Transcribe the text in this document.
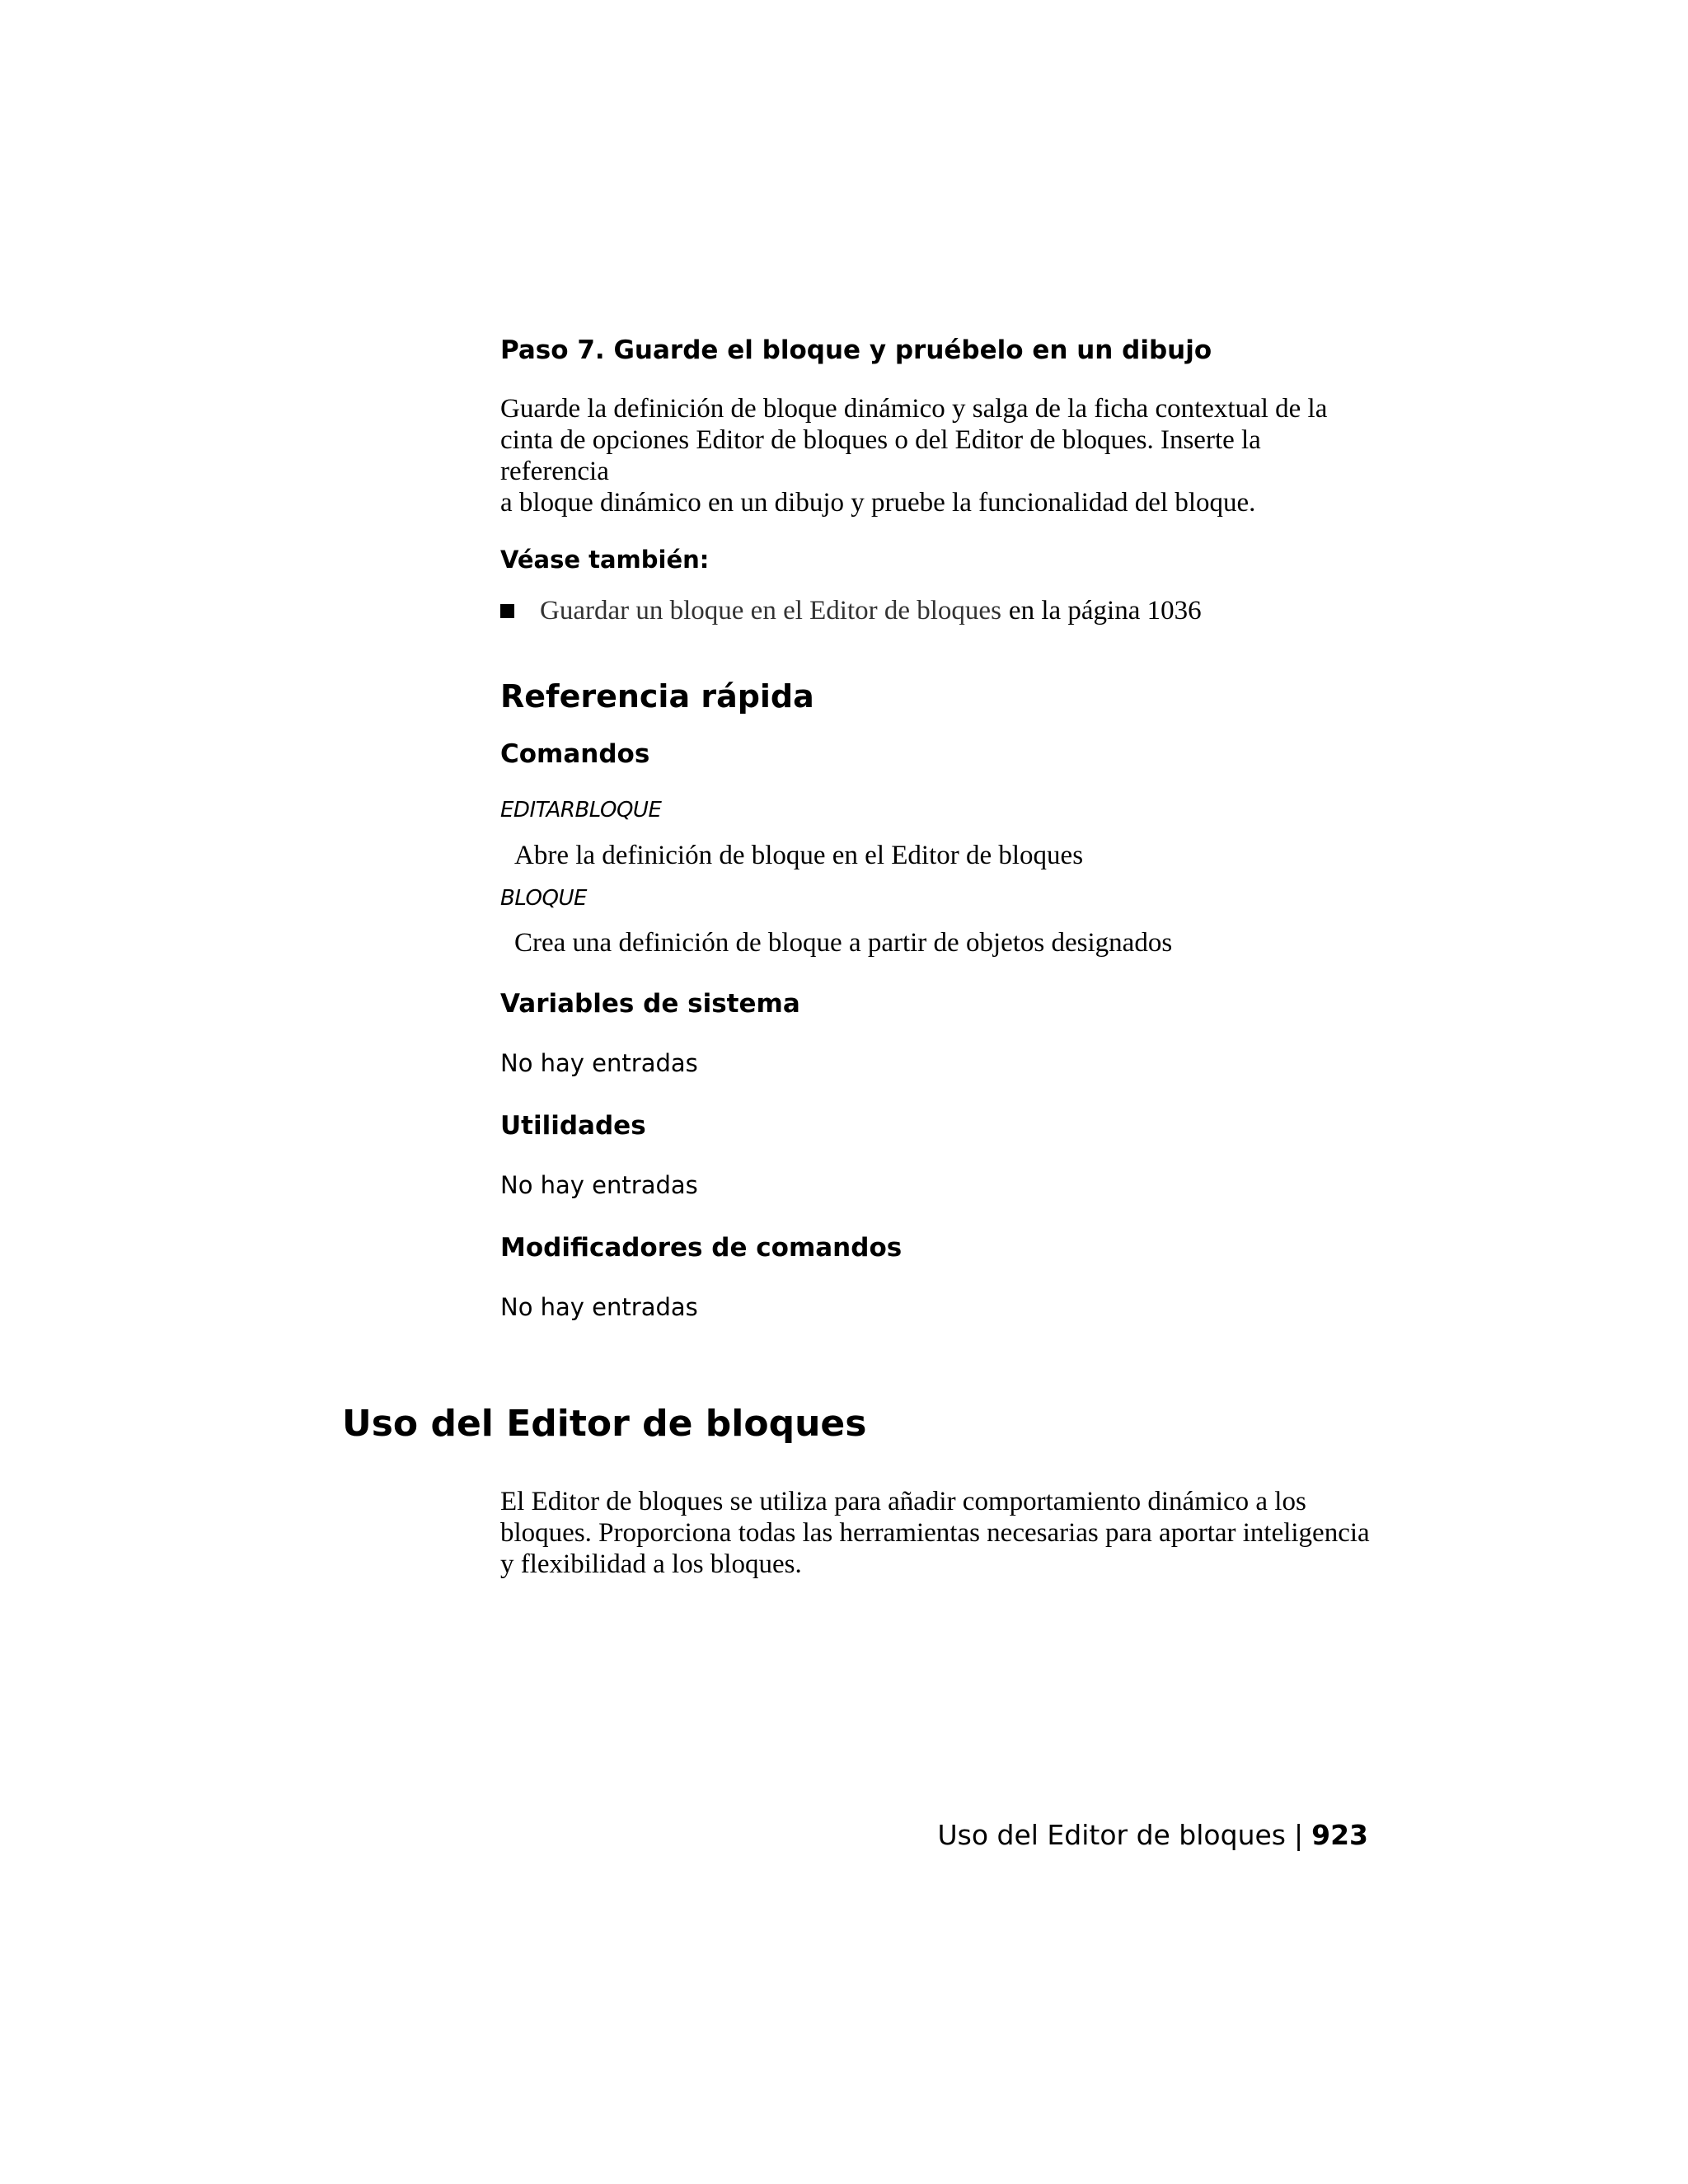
Paso 7. Guarde el bloque y pruébelo en un dibujo

Guarde la definición de bloque dinámico y salga de la ficha contextual de la
cinta de opciones Editor de bloques o del Editor de bloques. Inserte la referencia
a bloque dinámico en un dibujo y pruebe la funcionalidad del bloque.

Véase también:
Guardar un bloque en el Editor de bloques en la página 1036
Referencia rápida
Comandos
EDITARBLOQUE
Abre la definición de bloque en el Editor de bloques
BLOQUE
Crea una definición de bloque a partir de objetos designados
Variables de sistema
No hay entradas
Utilidades
No hay entradas
Modificadores de comandos
No hay entradas
Uso del Editor de bloques

El Editor de bloques se utiliza para añadir comportamiento dinámico a los
bloques. Proporciona todas las herramientas necesarias para aportar inteligencia
y flexibilidad a los bloques.

Uso del Editor de bloques | 923
